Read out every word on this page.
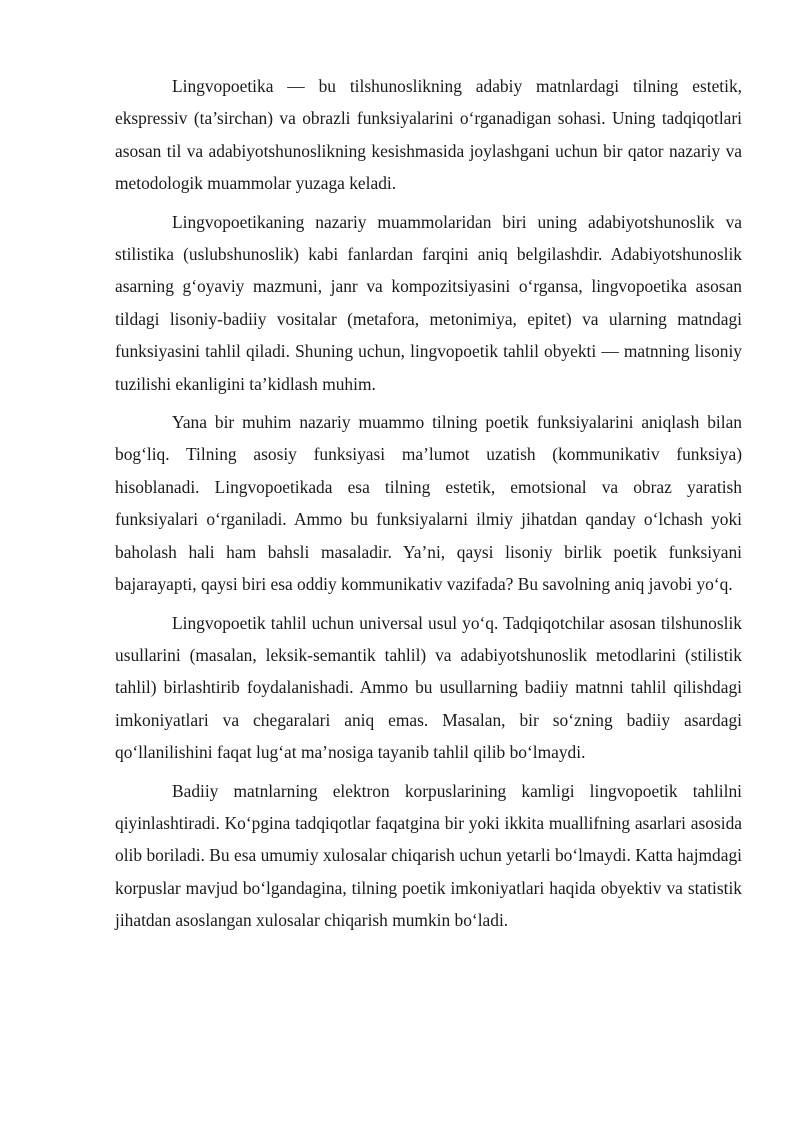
Lingvopoetika — bu tilshunoslikning adabiy matnlardagi tilning estetik, ekspressiv (ta’sirchan) va obrazli funksiyalarini o‘rganadigan sohasi. Uning tadqiqotlari asosan til va adabiyotshunoslikning kesishmasida joylashgani uchun bir qator nazariy va metodologik muammolar yuzaga keladi.

Lingvopoetikaning nazariy muammolaridan biri uning adabiyotshunoslik va stilistika (uslubshunoslik) kabi fanlardan farqini aniq belgilashdir. Adabiyotshunoslik asarning g‘oyaviy mazmuni, janr va kompozitsiyasini o‘rgansa, lingvopoetika asosan tildagi lisoniy-badiiy vositalar (metafora, metonimiya, epitet) va ularning matndagi funksiyasini tahlil qiladi. Shuning uchun, lingvopoetik tahlil obyekti — matnning lisoniy tuzilishi ekanligini ta’kidlash muhim.

Yana bir muhim nazariy muammo tilning poetik funksiyalarini aniqlash bilan bog‘liq. Tilning asosiy funksiyasi ma’lumot uzatish (kommunikativ funksiya) hisoblanadi. Lingvopoetikada esa tilning estetik, emotsional va obraz yaratish funksiyalari o‘rganiladi. Ammo bu funksiyalarni ilmiy jihatdan qanday o‘lchash yoki baholash hali ham bahsli masaladir. Ya’ni, qaysi lisoniy birlik poetik funksiyani bajarayapti, qaysi biri esa oddiy kommunikativ vazifada? Bu savolning aniq javobi yo‘q.

Lingvopoetik tahlil uchun universal usul yo‘q. Tadqiqotchilar asosan tilshunoslik usullarini (masalan, leksik-semantik tahlil) va adabiyotshunoslik metodlarini (stilistik tahlil) birlashtirib foydalanishadi. Ammo bu usullarning badiiy matnni tahlil qilishdagi imkoniyatlari va chegaralari aniq emas. Masalan, bir so‘zning badiiy asardagi qo‘llanilishini faqat lug‘at ma’nosiga tayanib tahlil qilib bo‘lmaydi.

Badiiy matnlarning elektron korpuslarining kamligi lingvopoetik tahlilni qiyinlashtiradi. Ko‘pgina tadqiqotlar faqatgina bir yoki ikkita muallifning asarlari asosida olib boriladi. Bu esa umumiy xulosalar chiqarish uchun yetarli bo‘lmaydi. Katta hajmdagi korpuslar mavjud bo‘lgandagina, tilning poetik imkoniyatlari haqida obyektiv va statistik jihatdan asoslangan xulosalar chiqarish mumkin bo‘ladi.
